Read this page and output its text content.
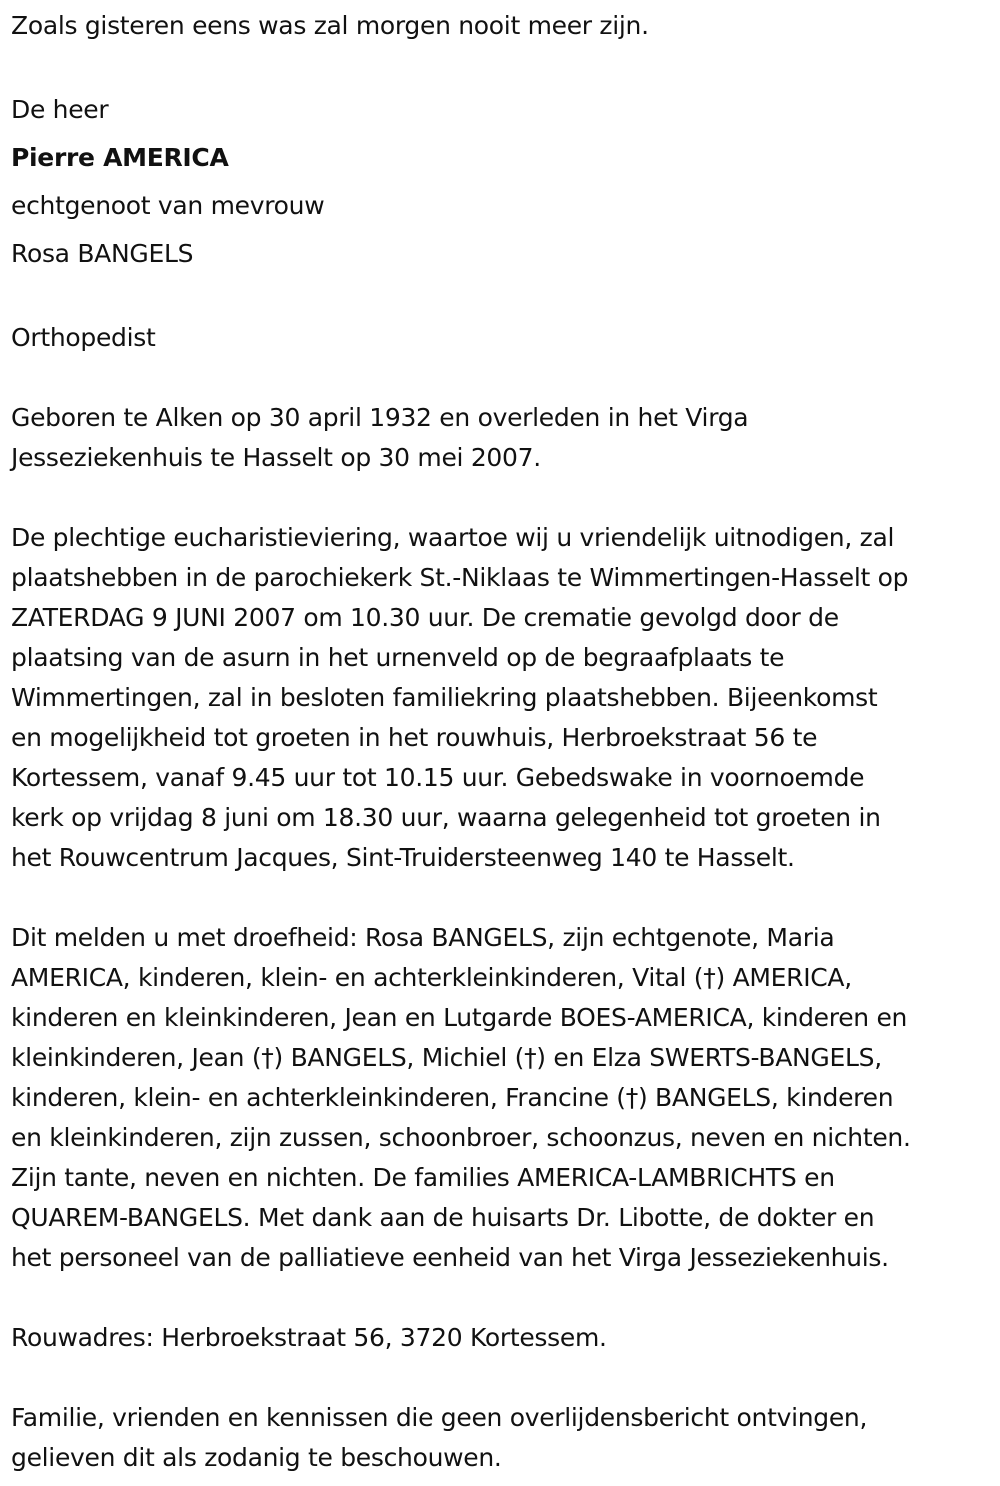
Zoals gisteren eens was zal morgen nooit meer zijn.
De heer
Pierre AMERICA
echtgenoot van mevrouw
Rosa BANGELS
Orthopedist
Geboren te Alken op 30 april 1932 en overleden in het Virga
Jesseziekenhuis te Hasselt op 30 mei 2007.
De plechtige eucharistieviering, waartoe wij u vriendelijk uitnodigen, zal
plaatshebben in de parochiekerk St.-Niklaas te Wimmertingen-Hasselt op
ZATERDAG 9 JUNI 2007 om 10.30 uur. De crematie gevolgd door de
plaatsing van de asurn in het urnenveld op de begraafplaats te
Wimmertingen, zal in besloten familiekring plaatshebben. Bijeenkomst
en mogelijkheid tot groeten in het rouwhuis, Herbroekstraat 56 te
Kortessem, vanaf 9.45 uur tot 10.15 uur. Gebedswake in voornoemde
kerk op vrijdag 8 juni om 18.30 uur, waarna gelegenheid tot groeten in
het Rouwcentrum Jacques, Sint-Truidersteenweg 140 te Hasselt.
Dit melden u met droefheid: Rosa BANGELS, zijn echtgenote, Maria
AMERICA, kinderen, klein- en achterkleinkinderen, Vital (†) AMERICA,
kinderen en kleinkinderen, Jean en Lutgarde BOES-AMERICA, kinderen en
kleinkinderen, Jean (†) BANGELS, Michiel (†) en Elza SWERTS-BANGELS,
kinderen, klein- en achterkleinkinderen, Francine (†) BANGELS, kinderen
en kleinkinderen, zijn zussen, schoonbroer, schoonzus, neven en nichten.
Zijn tante, neven en nichten. De families AMERICA-LAMBRICHTS en
QUAREM-BANGELS. Met dank aan de huisarts Dr. Libotte, de dokter en
het personeel van de palliatieve eenheid van het Virga Jesseziekenhuis.
Rouwadres: Herbroekstraat 56, 3720 Kortessem.
Familie, vrienden en kennissen die geen overlijdensbericht ontvingen,
gelieven dit als zodanig te beschouwen.
